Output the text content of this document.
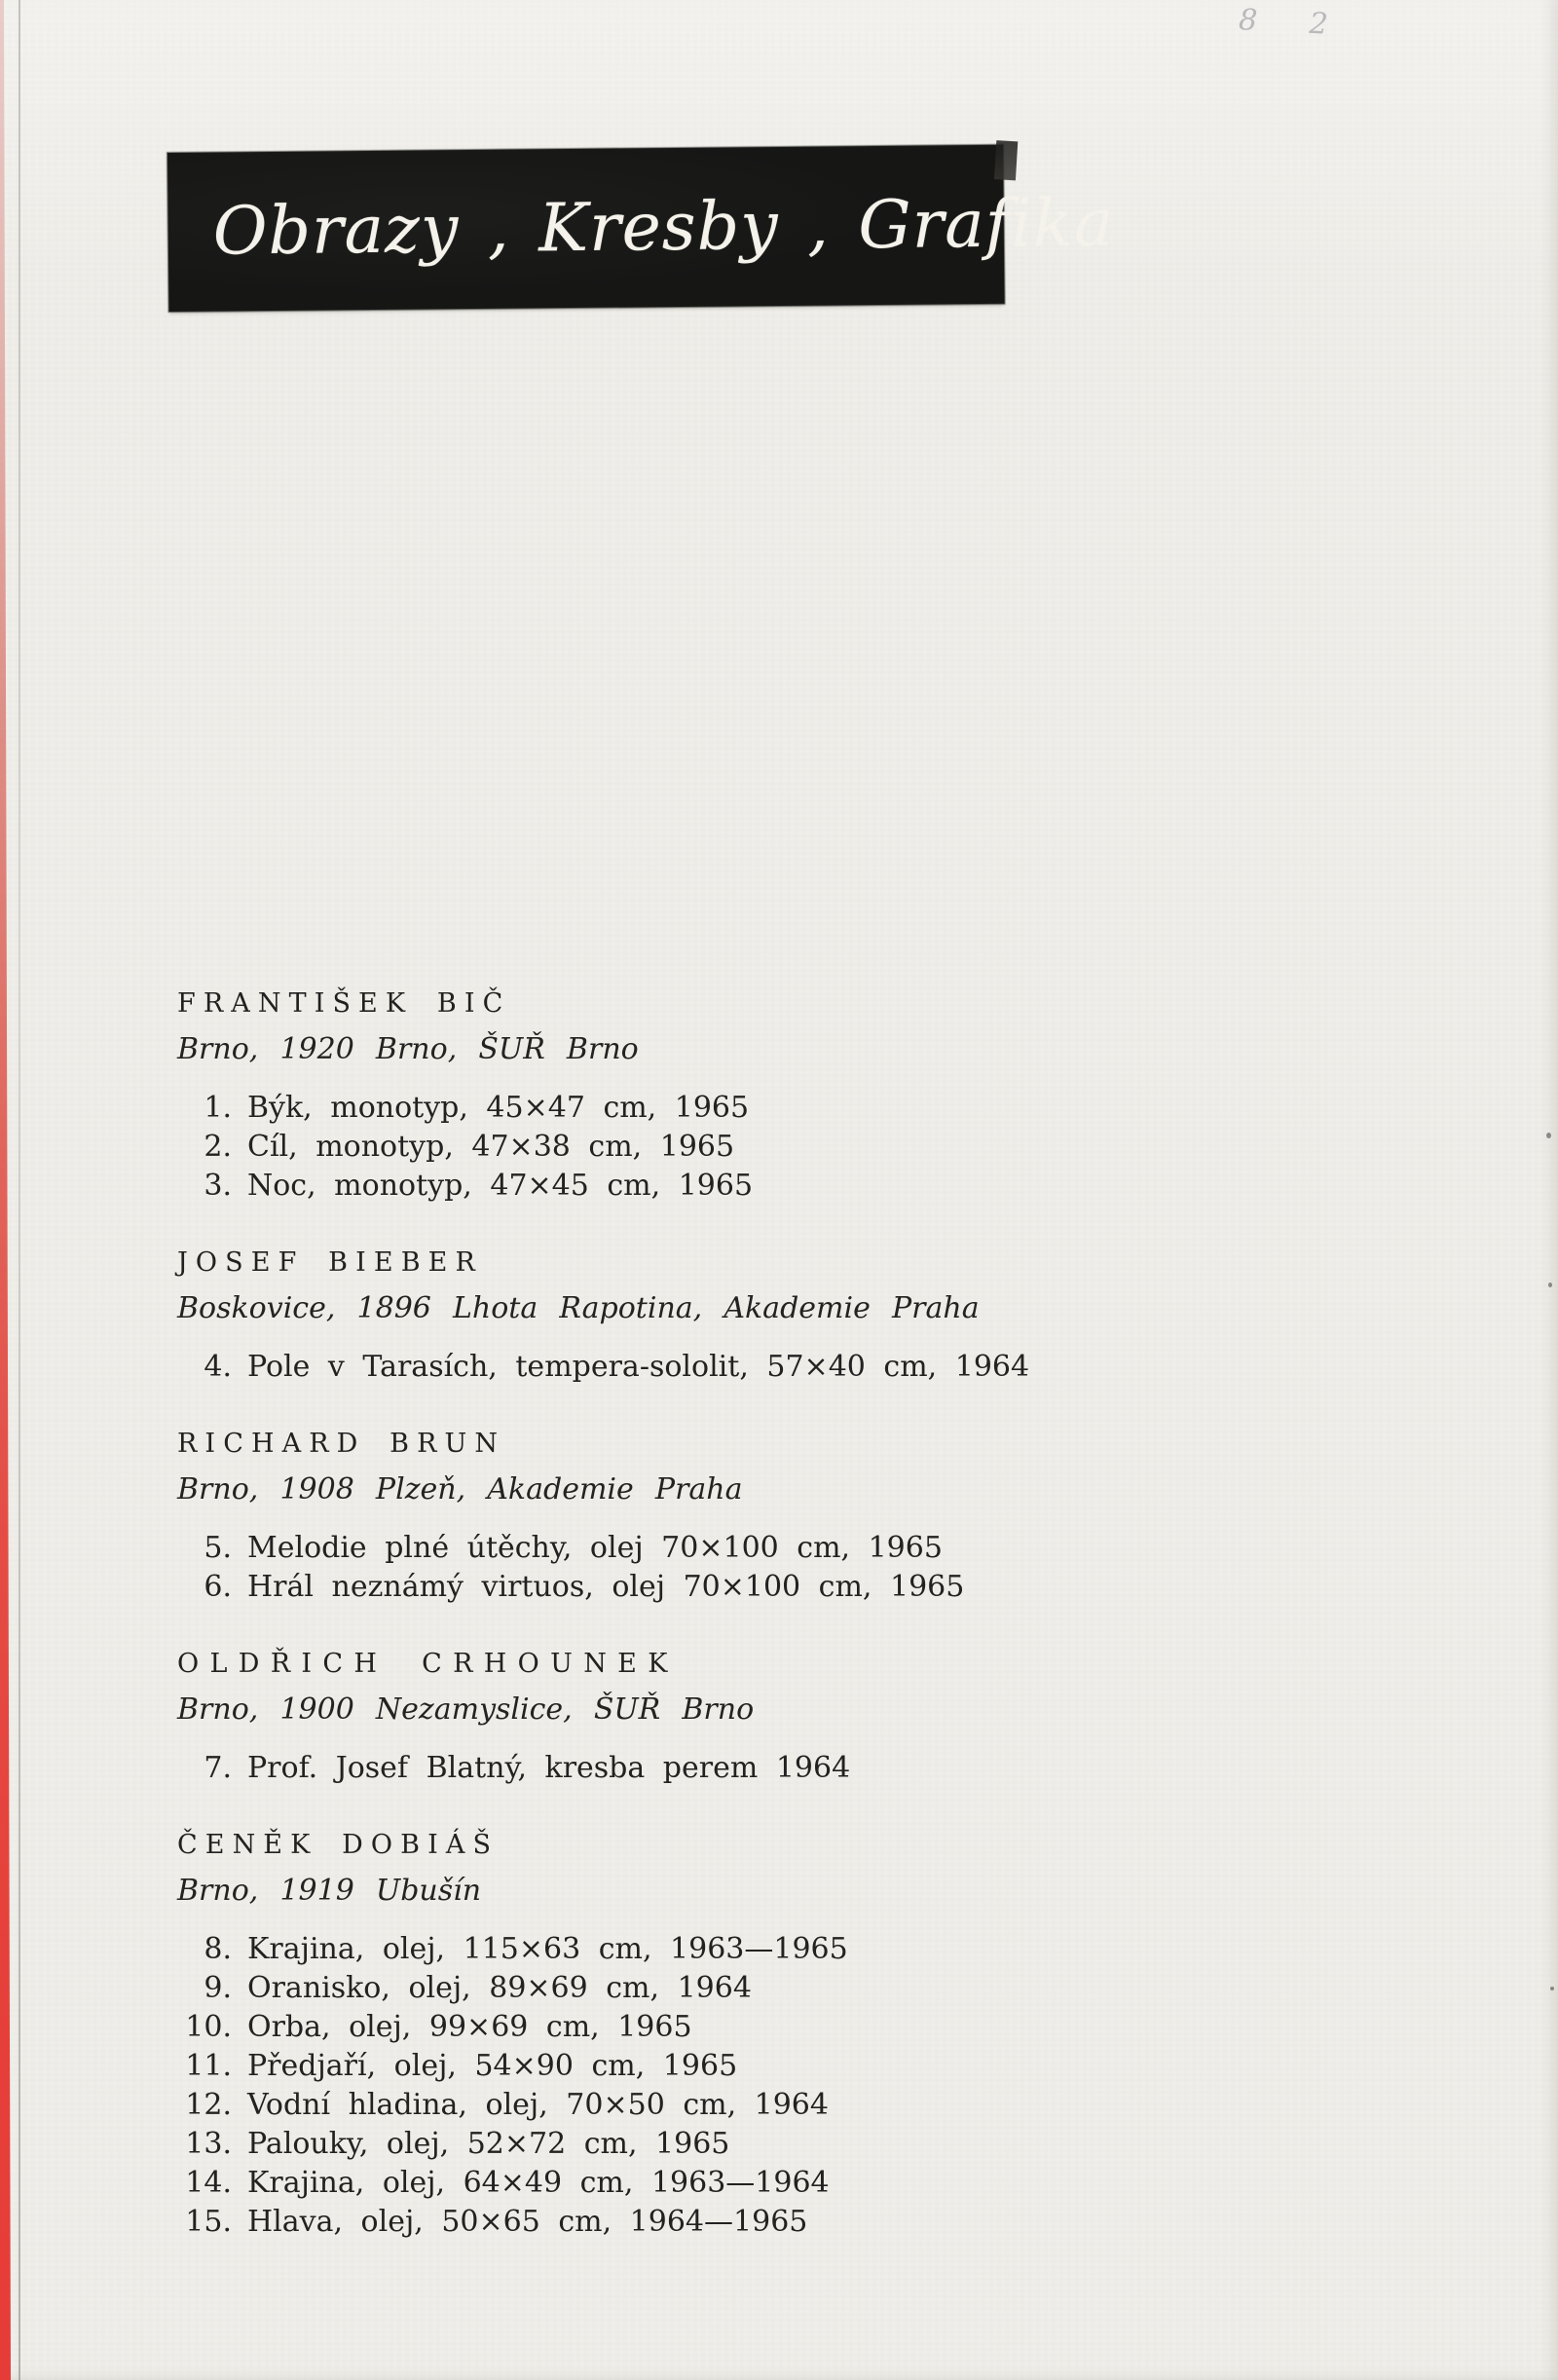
8 2
Obrazy , Kresby , Grafika
FRANTIŠEK BIČ

Brno, 1920 Brno, ŠUŘ Brno

1. Býk, monotyp, 45×47 cm, 1965
2. Cíl, monotyp, 47×38 cm, 1965
3. Noc, monotyp, 47×45 cm, 1965
JOSEF BIEBER

Boskovice, 1896 Lhota Rapotina, Akademie Praha

4. Pole v Tarasích, tempera-sololit, 57×40 cm, 1964
RICHARD BRUN

Brno, 1908 Plzeň, Akademie Praha

5. Melodie plné útěchy, olej 70×100 cm, 1965
6. Hrál neznámý virtuos, olej 70×100 cm, 1965
OLDŘICH CRHOUNEK

Brno, 1900 Nezamyslice, ŠUŘ Brno

7. Prof. Josef Blatný, kresba perem 1964
ČENĚK DOBIÁŠ

Brno, 1919 Ubušín

8. Krajina, olej, 115×63 cm, 1963—1965
9. Oranisko, olej, 89×69 cm, 1964
10. Orba, olej, 99×69 cm, 1965
11. Předjaří, olej, 54×90 cm, 1965
12. Vodní hladina, olej, 70×50 cm, 1964
13. Palouky, olej, 52×72 cm, 1965
14. Krajina, olej, 64×49 cm, 1963—1964
15. Hlava, olej, 50×65 cm, 1964—1965
